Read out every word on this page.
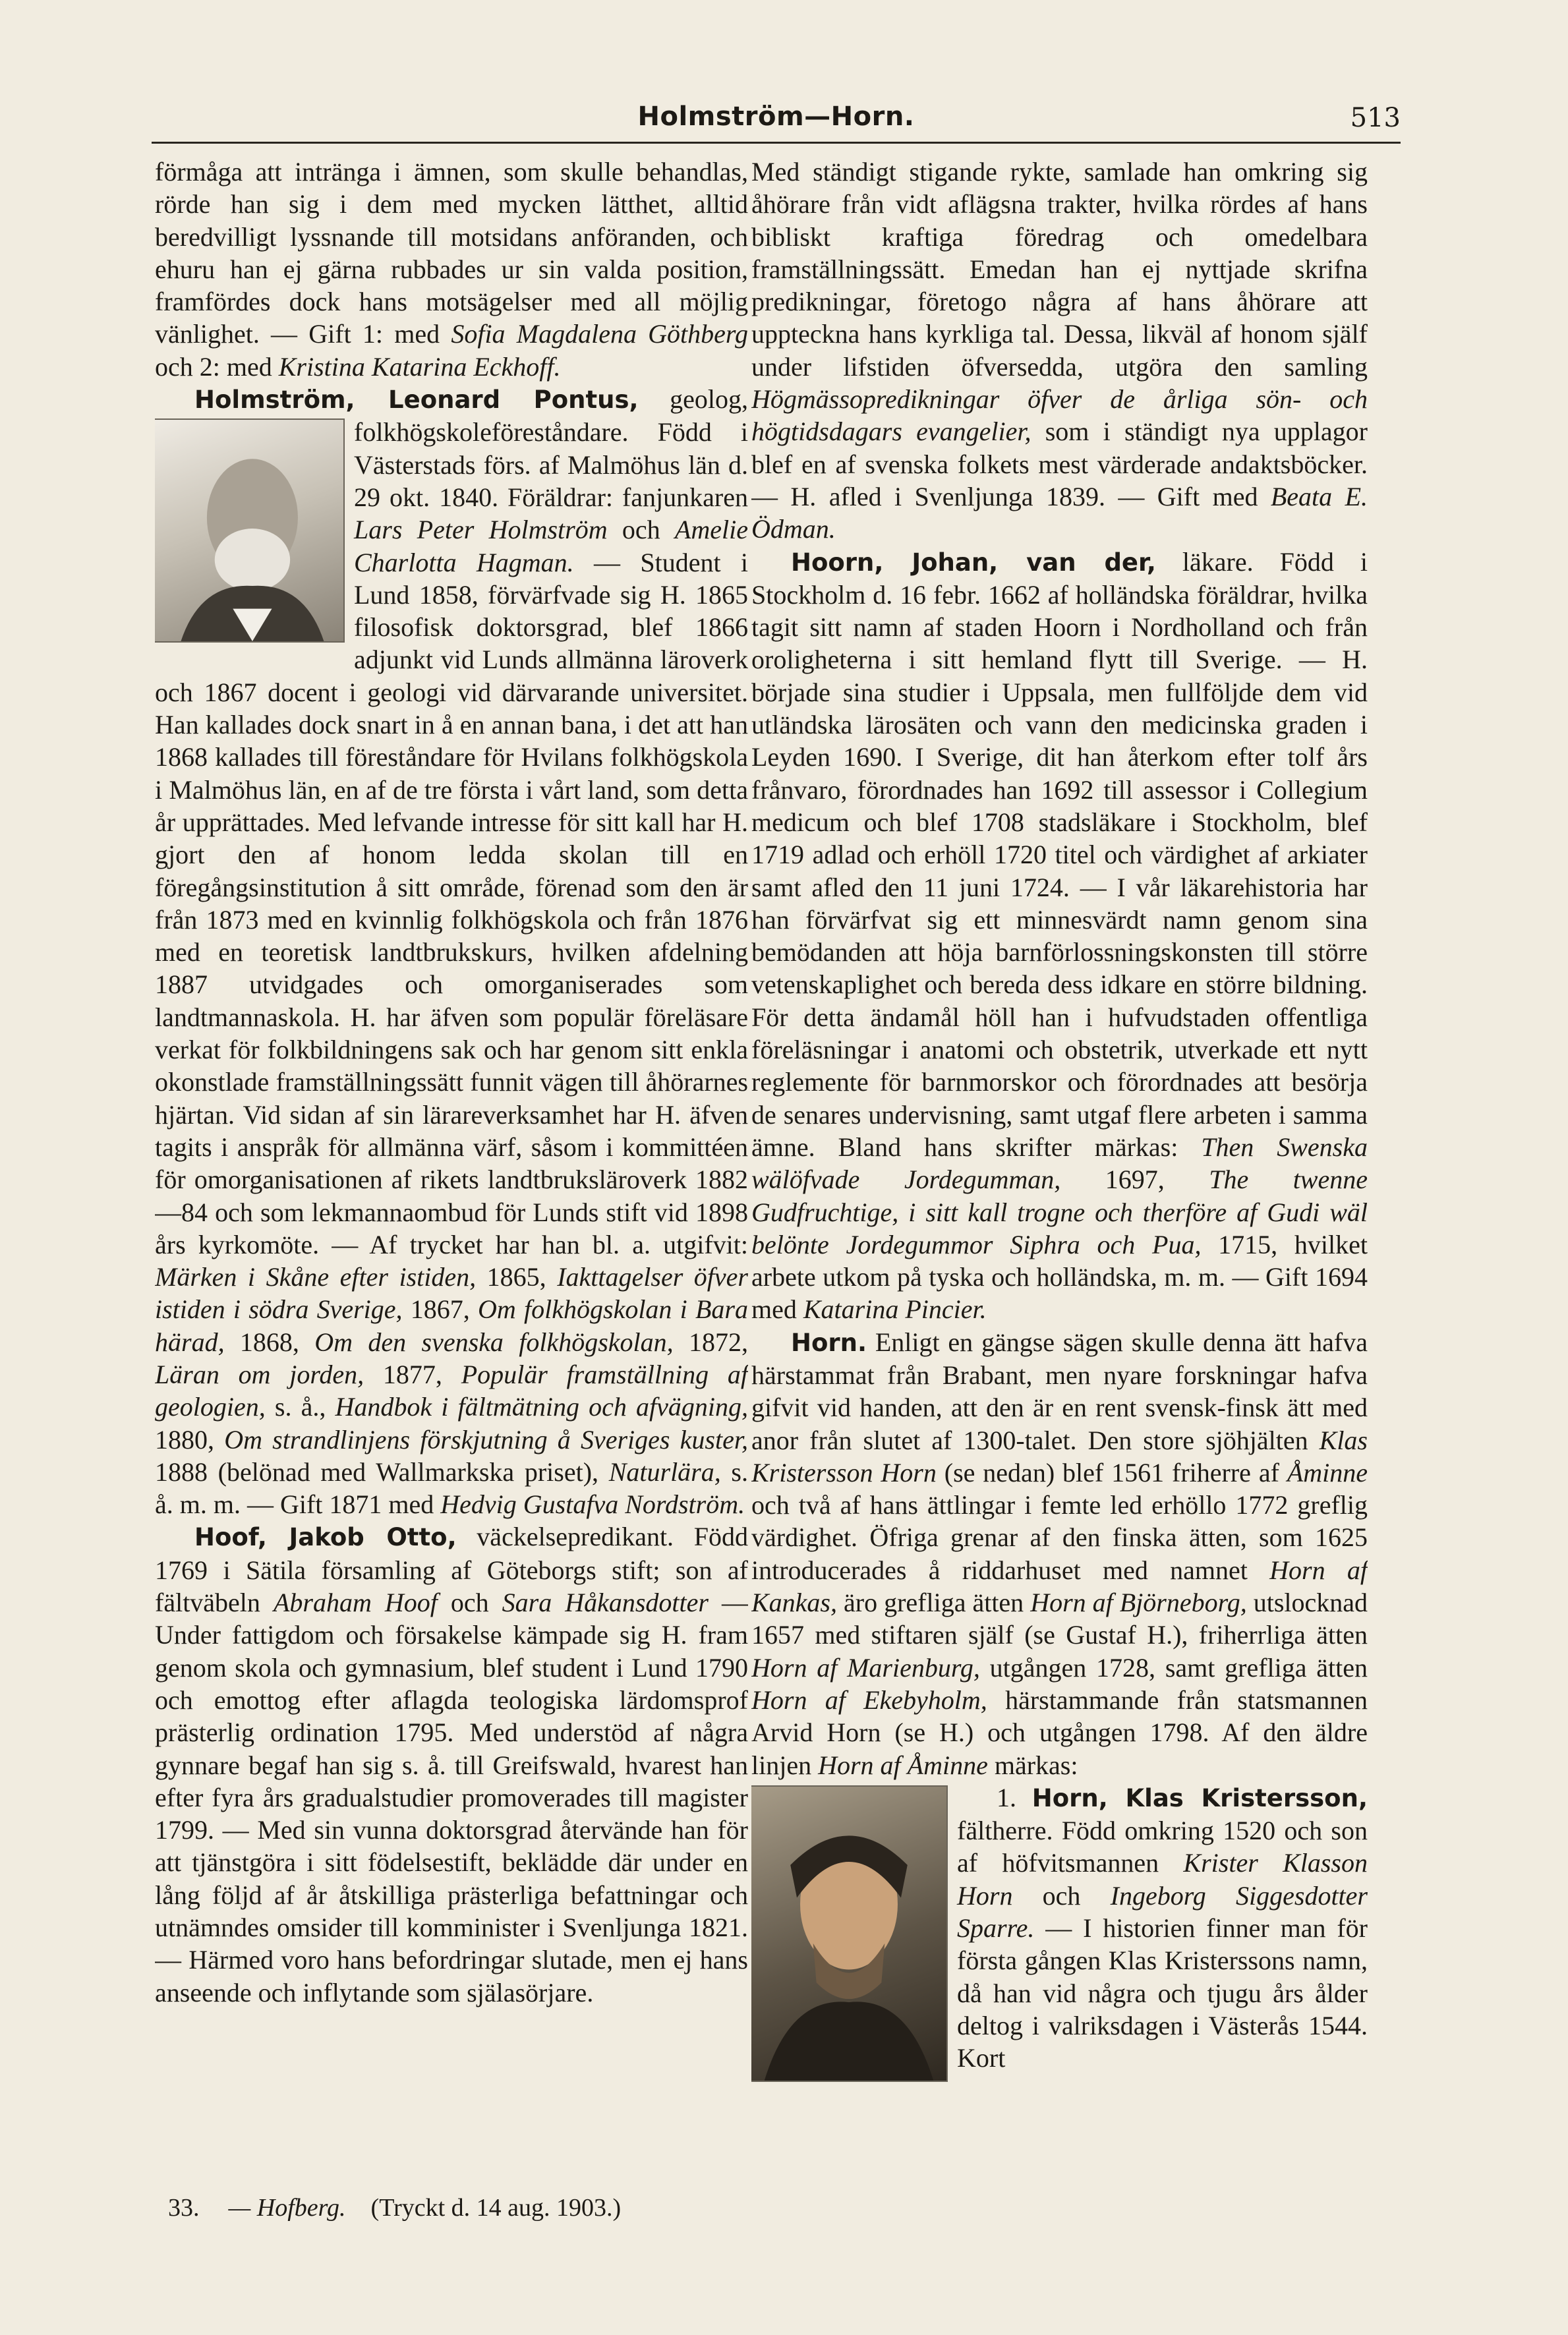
Holmström—Horn.	513

förmåga att intränga i ämnen, som skulle behandlas, rörde han sig i dem med mycken lätthet, alltid beredvilligt lyssnande till motsidans anföranden, och ehuru han ej gärna rubbades ur sin valda position, framfördes dock hans motsägelser med all möjlig vänlighet. — Gift 1: med Sofia Magdalena Göthberg och 2: med Kristina Katarina Eckhoff.

Holmström, Leonard Pontus,
geolog, folkhögskoleföreståndare. Född i Västerstads förs. af Malmöhus län d. 29 okt. 1840. Föräldrar: fanjunkaren Lars Peter Holmström och Amelie Charlotta Hagman. — Student i Lund 1858, förvärfvade sig H. 1865 filosofisk doktorsgrad, blef 1866 adjunkt vid Lunds allmänna läroverk och 1867 docent i geologi vid därvarande universitet. Han kallades dock snart in å en annan bana, i det att han 1868 kallades till föreståndare för Hvilans folkhögskola i Malmöhus län, en af de tre första i vårt land, som detta år upprättades. Med lefvande intresse för sitt kall har H. gjort den af honom ledda skolan till en föregångsinstitution å sitt område, förenad som den är från 1873 med en kvinnlig folkhögskola och från 1876 med en teoretisk landtbrukskurs, hvilken afdelning 1887 utvidgades och omorganiserades som landtmannaskola. H. har äfven som populär föreläsare verkat för folkbildningens sak och har genom sitt enkla okonstlade framställningssätt funnit vägen till åhörarnes hjärtan. Vid sidan af sin lärareverksamhet har H. äfven tagits i anspråk för allmänna värf, såsom i kommittéen för omorganisationen af rikets landtbruksläroverk 1882—84 och som lekmannaombud för Lunds stift vid 1898 års kyrkomöte. — Af trycket har han bl. a. utgifvit: Märken i Skåne efter istiden, 1865, Iakttagelser öfver istiden i södra Sverige, 1867, Om folkhögskolan i Bara härad, 1868, Om den svenska folkhögskolan, 1872, Läran om jorden, 1877, Populär framställning af geologien, s. å., Handbok i fältmätning och afvägning, 1880, Om strandlinjens förskjutning å Sveriges kuster, 1888 (belönad med Wallmarkska priset), Naturlära, s. å. m. m. — Gift 1871 med Hedvig Gustafva Nordström.

Hoof, Jakob Otto, väckelsepredikant. Född 1769 i Sätila församling af Göteborgs stift; son af fältväbeln Abraham Hoof och Sara Håkansdotter — Under fattigdom och försakelse kämpade sig H. fram genom skola och gymnasium, blef student i Lund 1790 och emottog efter aflagda teologiska lärdomsprof prästerlig ordination 1795. Med understöd af några gynnare begaf han sig s. å. till Greifswald, hvarest han efter fyra års gradualstudier promoverades till magister 1799. — Med sin vunna doktorsgrad återvände han för att tjänstgöra i sitt födelsestift, beklädde där under en lång följd af år åtskilliga prästerliga befattningar och utnämndes omsider till komminister i Svenljunga 1821. — Härmed voro hans befordringar slutade, men ej hans anseende och inflytande som själasörjare.

Med ständigt stigande rykte, samlade han omkring sig åhörare från vidt aflägsna trakter, hvilka rördes af hans bibliskt kraftiga föredrag och omedelbara framställningssätt. Emedan han ej nyttjade skrifna predikningar, företogo några af hans åhörare att uppteckna hans kyrkliga tal. Dessa, likväl af honom själf under lifstiden öfversedda, utgöra den samling Högmässopredikningar öfver de årliga sön- och högtidsdagars evangelier, som i ständigt nya upplagor blef en af svenska folkets mest värderade andaktsböcker. — H. afled i Svenljunga 1839. — Gift med Beata E. Ödman.

Hoorn, Johan, van der, läkare. Född i Stockholm d. 16 febr. 1662 af holländska föräldrar, hvilka tagit sitt namn af staden Hoorn i Nordholland och från oroligheterna i sitt hemland flytt till Sverige. — H. började sina studier i Uppsala, men fullföljde dem vid utländska lärosäten och vann den medicinska graden i Leyden 1690. I Sverige, dit han återkom efter tolf års frånvaro, förordnades han 1692 till assessor i Collegium medicum och blef 1708 stadsläkare i Stockholm, blef 1719 adlad och erhöll 1720 titel och värdighet af arkiater samt afled den 11 juni 1724. — I vår läkarehistoria har han förvärfvat sig ett minnesvärdt namn genom sina bemödanden att höja barnförlossningskonsten till större vetenskaplighet och bereda dess idkare en större bildning. För detta ändamål höll han i hufvudstaden offentliga föreläsningar i anatomi och obstetrik, utverkade ett nytt reglemente för barnmorskor och förordnades att besörja de senares undervisning, samt utgaf flere arbeten i samma ämne. Bland hans skrifter märkas: Then Swenska wälöfvade Jordegumman, 1697, The twenne Gudfruchtige, i sitt kall trogne och therföre af Gudi wäl belönte Jordegummor Siphra och Pua, 1715, hvilket arbete utkom på tyska och holländska, m. m. — Gift 1694 med Katarina Pincier.

Horn. Enligt en gängse sägen skulle denna ätt hafva härstammat från Brabant, men nyare forskningar hafva gifvit vid handen, att den är en rent svensk-finsk ätt med anor från slutet af 1300-talet. Den store sjöhjälten Klas Kristersson Horn (se nedan) blef 1561 friherre af Åminne och två af hans ättlingar i femte led erhöllo 1772 greflig värdighet. Öfriga grenar af den finska ätten, som 1625 introducerades å riddarhuset med namnet Horn af Kankas, äro grefliga ätten Horn af Björneborg, utslocknad 1657 med stiftaren själf (se Gustaf H.), friherrliga ätten Horn af Marienburg, utgången 1728, samt grefliga ätten Horn af Ekebyholm, härstammande från statsmannen Arvid Horn (se H.) och utgången 1798. Af den äldre linjen Horn af Åminne märkas:

1. Horn, Klas Kristersson,
fältherre. Född omkring 1520 och son af höfvitsmannen Krister Klasson Horn och Ingeborg Siggesdotter Sparre. — I historien finner man för första gången Klas Kristerssons namn, då han vid några och tjugu års ålder deltog i valriksdagen i Västerås 1544. Kort

33. — Hofberg. (Tryckt d. 14 aug. 1903.)
